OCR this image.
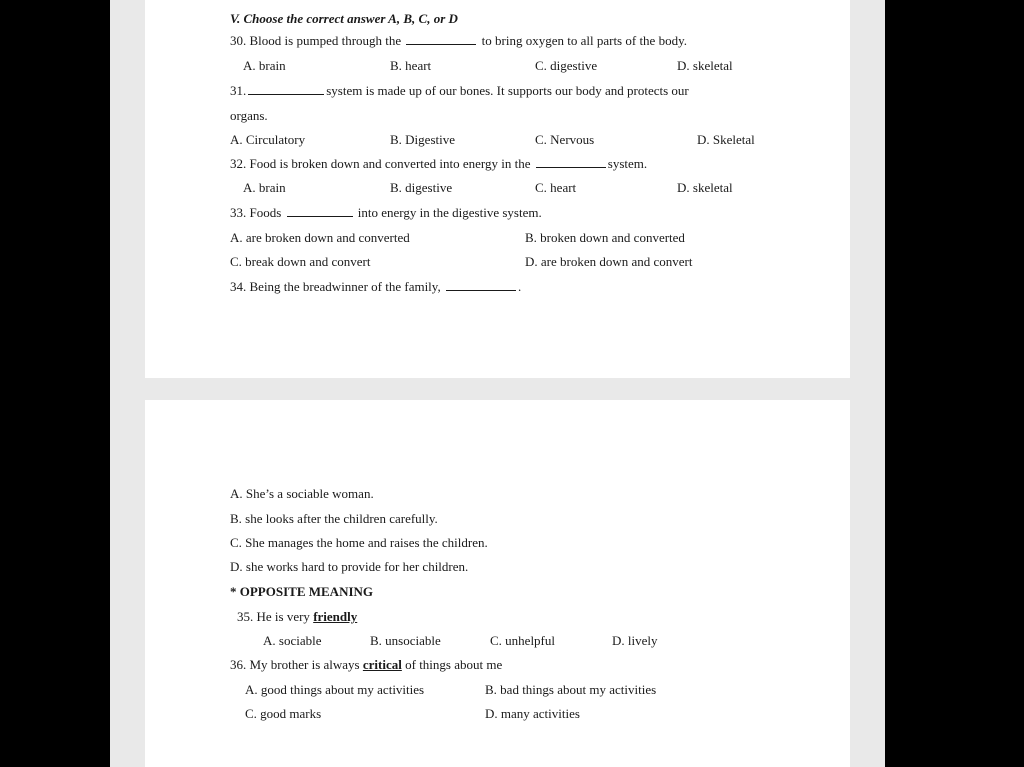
V. Choose the correct answer A, B, C, or D
30. Blood is pumped through the	to bring oxygen to all parts of the body.
A. brain	B. heart	C. digestive	D. skeletal
31.	system is made up of our bones. It supports our body and protects our
organs.
A. Circulatory	B. Digestive	C. Nervous	D. Skeletal
32. Food is broken down and converted into energy in the	system.
A. brain	B. digestive	C. heart	D. skeletal
33. Foods	into energy in the digestive system.
A. are broken down and converted	B. broken down and converted
C. break down and convert	D. are broken down and convert
34. Being the breadwinner of the family,	.
A. She’s a sociable woman.
B. she looks after the children carefully.
C. She manages the home and raises the children.
D. she works hard to provide for her children.
* OPPOSITE MEANING
35. He is very friendly
A. sociable	B. unsociable	C. unhelpful	D. lively
36. My brother is always critical of things about me
A. good things about my activities	B. bad things about my activities
C. good marks	D. many activities
